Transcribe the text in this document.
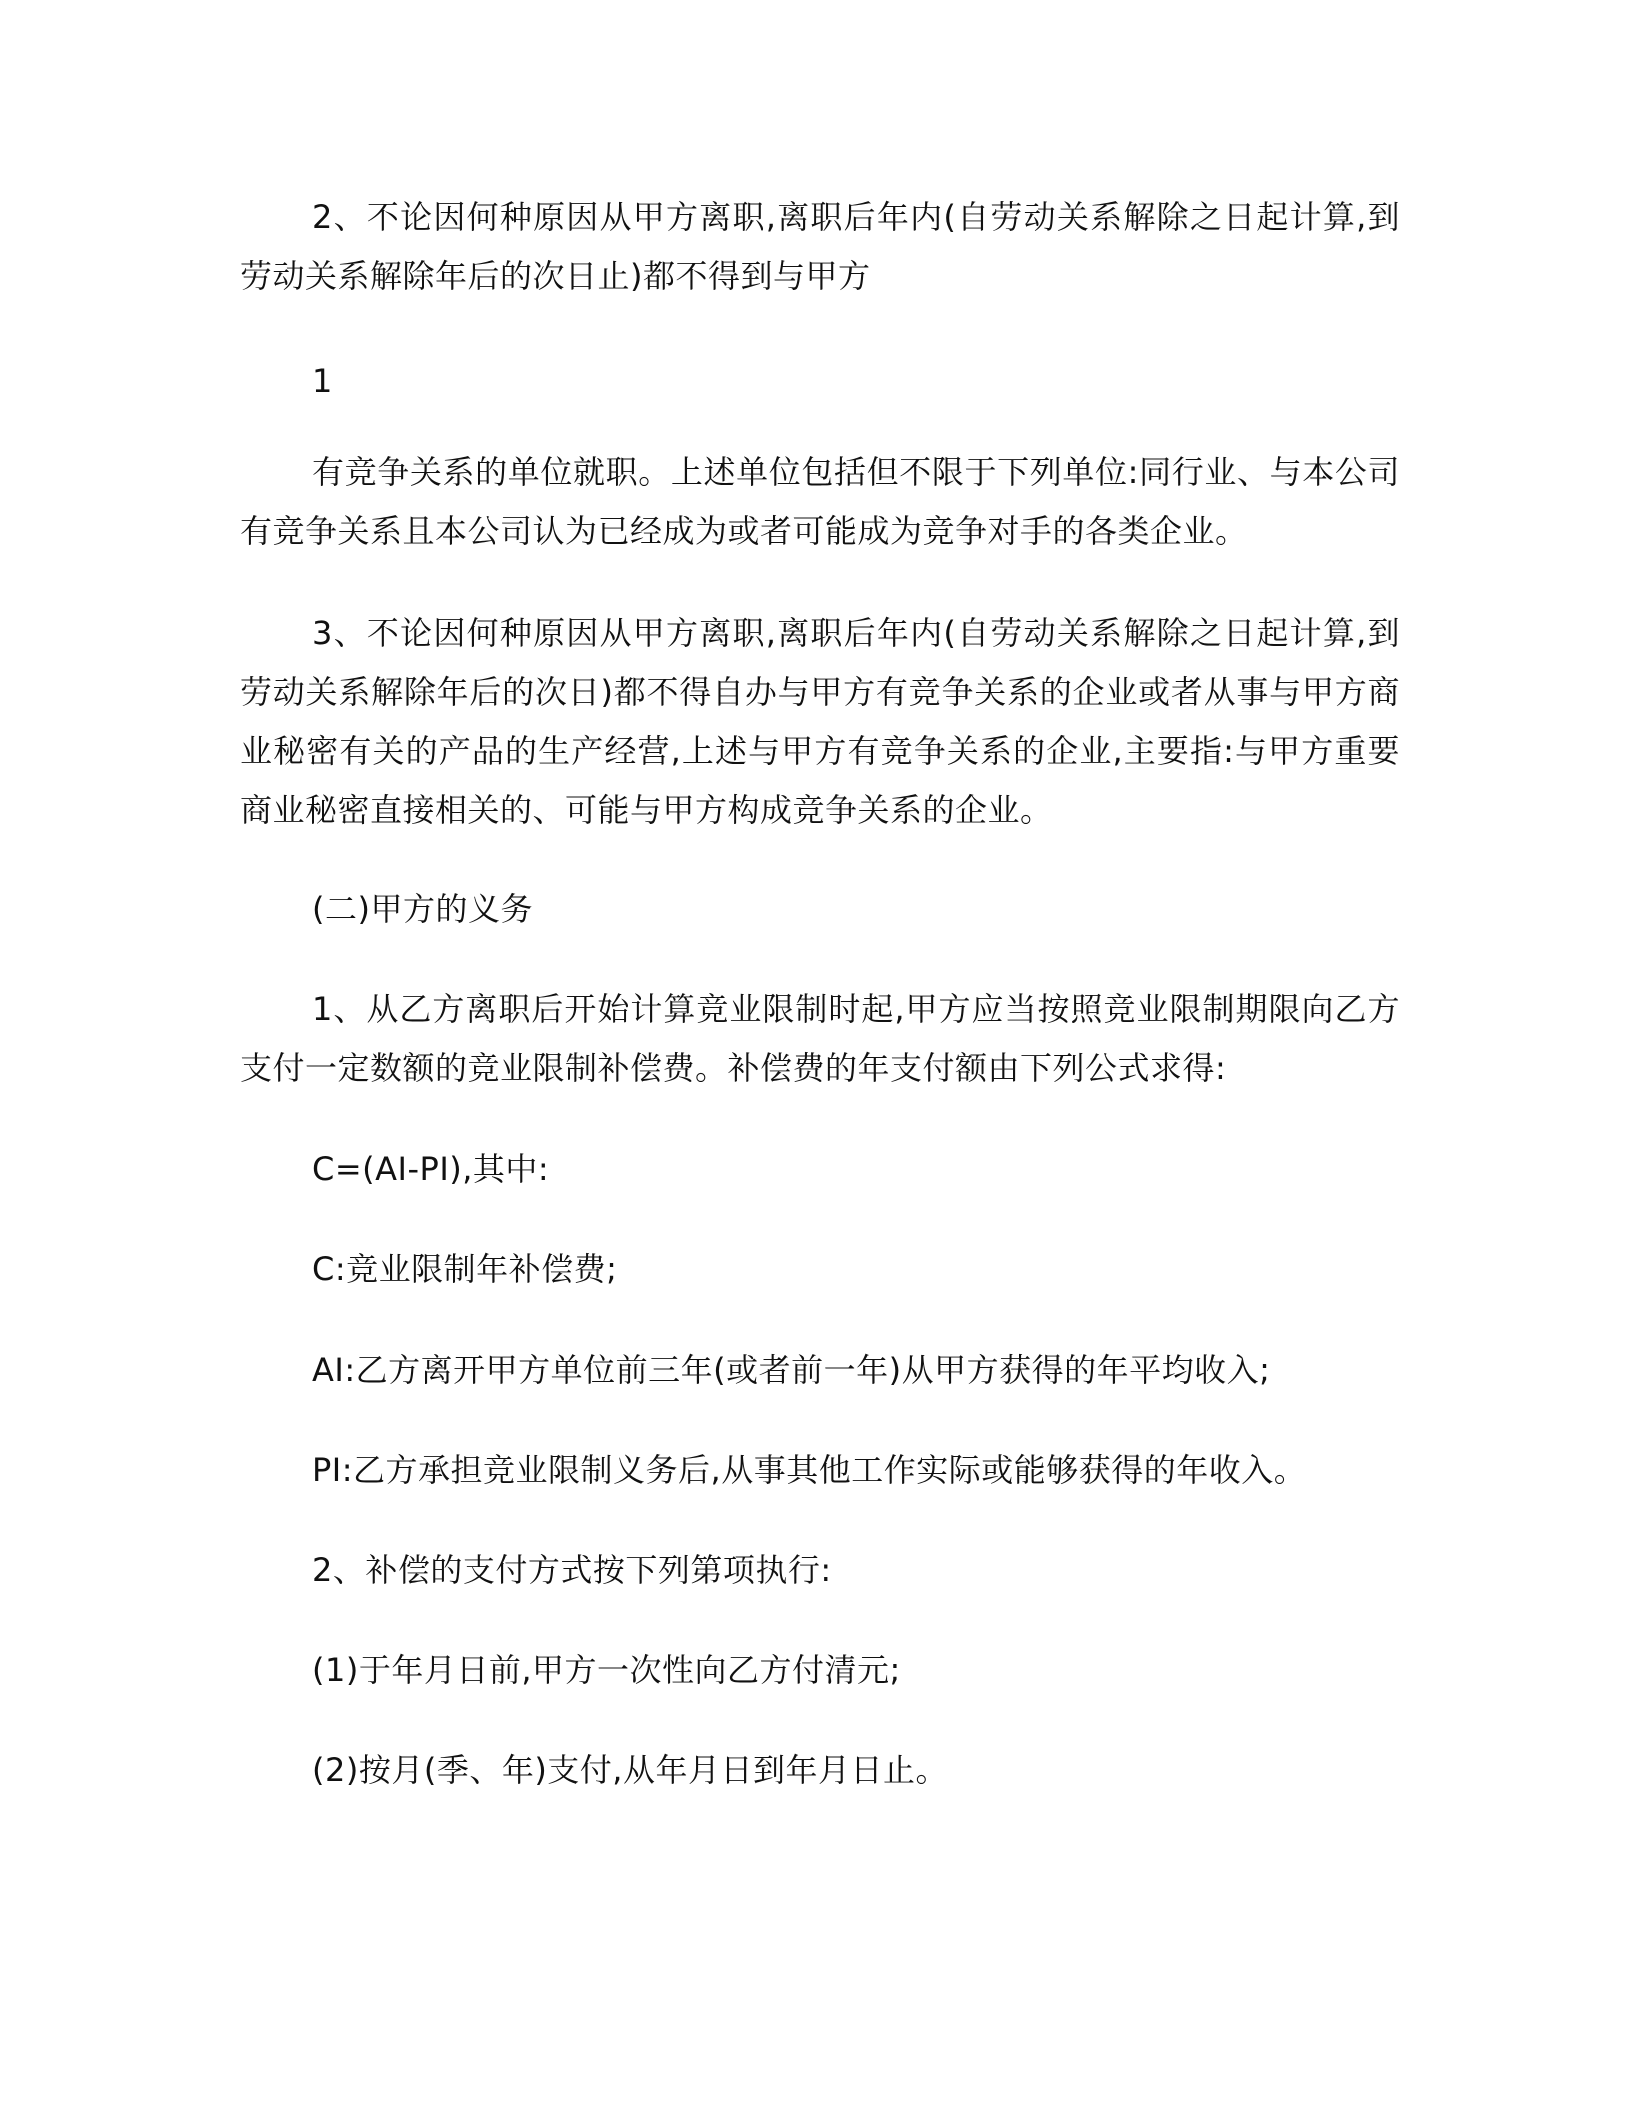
2、不论因何种原因从甲方离职,离职后年内(自劳动关系解除之日起计算,到劳动关系解除年后的次日止)都不得到与甲方

1

有竞争关系的单位就职。上述单位包括但不限于下列单位:同行业、与本公司有竞争关系且本公司认为已经成为或者可能成为竞争对手的各类企业。

3、不论因何种原因从甲方离职,离职后年内(自劳动关系解除之日起计算,到劳动关系解除年后的次日)都不得自办与甲方有竞争关系的企业或者从事与甲方商业秘密有关的产品的生产经营,上述与甲方有竞争关系的企业,主要指:与甲方重要商业秘密直接相关的、可能与甲方构成竞争关系的企业。

(二)甲方的义务

1、从乙方离职后开始计算竞业限制时起,甲方应当按照竞业限制期限向乙方支付一定数额的竞业限制补偿费。补偿费的年支付额由下列公式求得:

C=(AI-PI),其中:

C:竞业限制年补偿费;

AI:乙方离开甲方单位前三年(或者前一年)从甲方获得的年平均收入;

PI:乙方承担竞业限制义务后,从事其他工作实际或能够获得的年收入。

2、补偿的支付方式按下列第项执行:

(1)于年月日前,甲方一次性向乙方付清元;

(2)按月(季、年)支付,从年月日到年月日止。
